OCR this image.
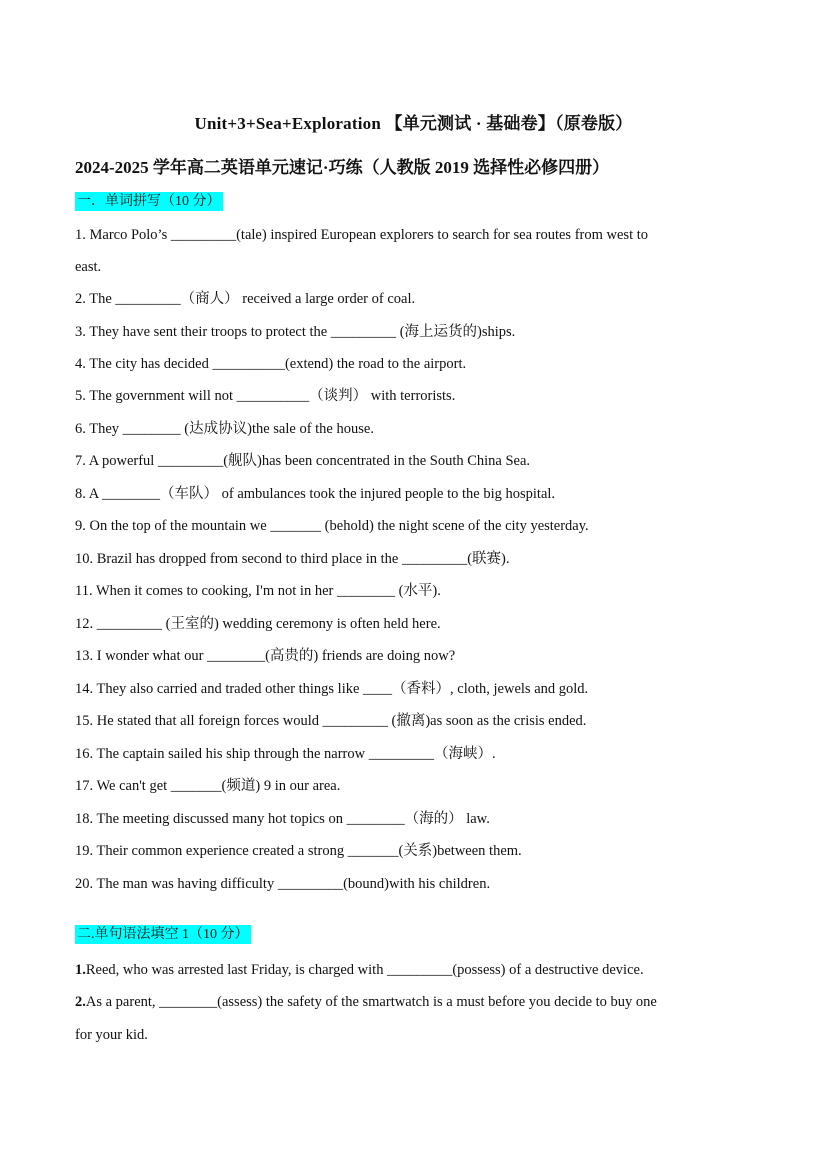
Unit+3+Sea+Exploration 【单元测试 · 基础卷】（原卷版）
2024-2025 学年高二英语单元速记·巧练（人教版 2019 选择性必修四册）
一．单词拼写（10 分）
1. Marco Polo’s _________(tale) inspired European explorers to search for sea routes from west to
east.
2. The _________（商人） received a large order of coal.
3. They have sent their troops to protect the _________ (海上运货的)ships.
4. The city has decided __________(extend) the road to the airport.
5. The government will not __________（谈判） with terrorists.
6. They ________ (达成协议)the sale of the house.
7. A powerful _________(舰队)has been concentrated in the South China Sea.
8. A ________（车队） of ambulances took the injured people to the big hospital.
9. On the top of the mountain we _______ (behold) the night scene of the city yesterday.
10. Brazil has dropped from second to third place in the _________(联赛).
11. When it comes to cooking, I'm not in her ________ (水平).
12. _________ (王室的) wedding ceremony is often held here.
13. I wonder what our ________(高贵的) friends are doing now?
14. They also carried and traded other things like ____（香料）, cloth, jewels and gold.
15. He stated that all foreign forces would _________ (撤离)as soon as the crisis ended.
16. The captain sailed his ship through the narrow _________（海峡）.
17. We can't get _______(频道) 9 in our area.
18. The meeting discussed many hot topics on ________（海的） law.
19. Their common experience created a strong _______(关系)between them.
20. The man was having difficulty _________(bound)with his children.
二.单句语法填空 1（10 分）
1.Reed, who was arrested last Friday, is charged with _________(possess) of a destructive device.
2.As a parent, ________(assess) the safety of the smartwatch is a must before you decide to buy one
for your kid.
